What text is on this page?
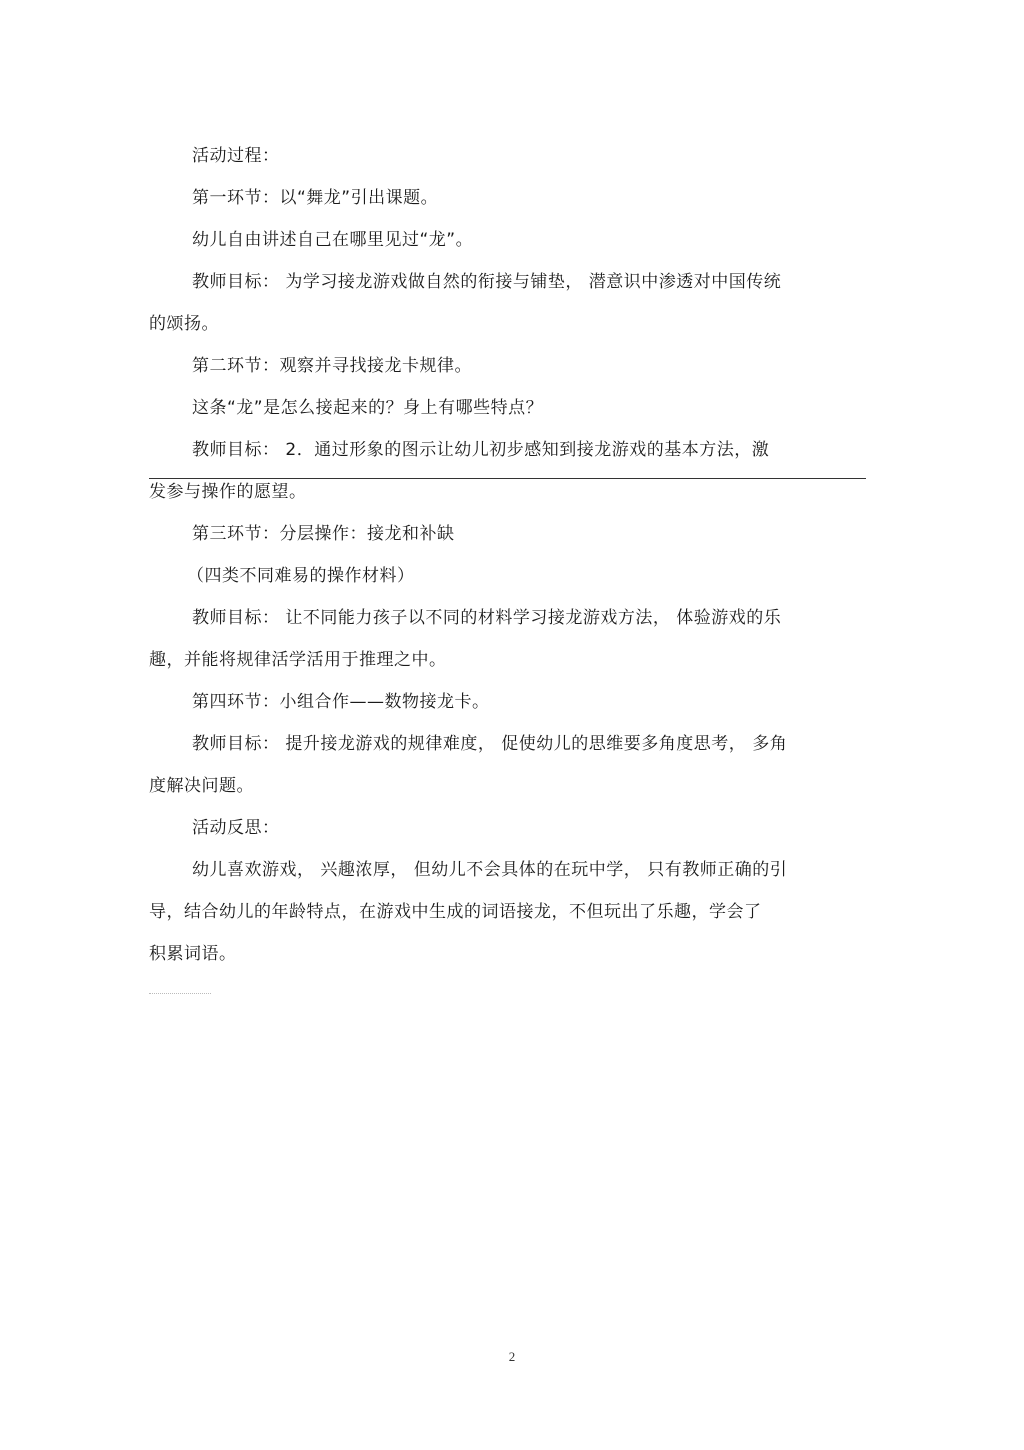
活动过程：
第一环节：以“舞龙”引出课题。
幼儿自由讲述自己在哪里见过“龙”。
教师目标： 为学习接龙游戏做自然的衔接与铺垫， 潜意识中渗透对中国传统
的颂扬。
第二环节：观察并寻找接龙卡规律。
这条“龙”是怎么接起来的？身上有哪些特点？
教师目标： 2．通过形象的图示让幼儿初步感知到接龙游戏的基本方法，激
发参与操作的愿望。
第三环节：分层操作：接龙和补缺
（四类不同难易的操作材料）
教师目标： 让不同能力孩子以不同的材料学习接龙游戏方法， 体验游戏的乐
趣，并能将规律活学活用于推理之中。
第四环节：小组合作——数物接龙卡。
教师目标： 提升接龙游戏的规律难度， 促使幼儿的思维要多角度思考， 多角
度解决问题。
活动反思：
幼儿喜欢游戏， 兴趣浓厚， 但幼儿不会具体的在玩中学， 只有教师正确的引
导，结合幼儿的年龄特点，在游戏中生成的词语接龙，不但玩出了乐趣，学会了
积累词语。
2
